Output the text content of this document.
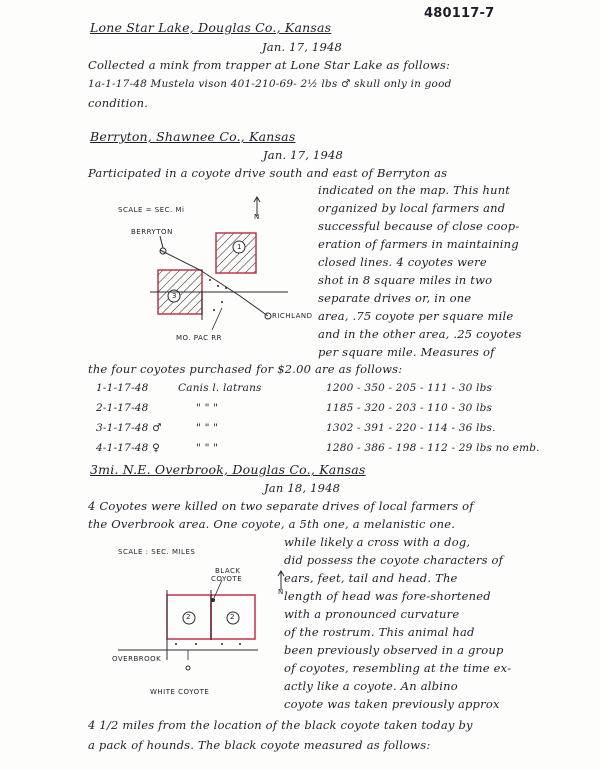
480117-7
Lone Star Lake, Douglas Co., Kansas
Jan. 17, 1948
Collected a mink from trapper at Lone Star Lake as follows:
1a-1-17-48 Mustela vison 401-210-69- 2½ lbs ♂ skull only in good
condition.
Berryton, Shawnee Co., Kansas
Jan. 17, 1948
Participated in a coyote drive south and east of Berryton as
indicated on the map. This hunt
organized by local farmers and
successful because of close coop-
eration of farmers in maintaining
closed lines. 4 coyotes were
shot in 8 square miles in two
separate drives or, in one
area, .75 coyote per square mile
and in the other area, .25 coyotes
per square mile. Measures of
the four coyotes purchased for $2.00 are as follows:
1-1-17-48	Canis l. latrans	1200 - 350 - 205 - 111 - 30 lbs
2-1-17-48	" " "	1185 - 320 - 203 - 110 - 30 lbs
3-1-17-48 ♂	" " "	1302 - 391 - 220 - 114 - 36 lbs.
4-1-17-48 ♀	" " "	1280 - 386 - 198 - 112 - 29 lbs no emb.
SCALE = SEC. Mi
N
BERRYTON
RICHLAND
MO. PAC RR
1
3
3mi. N.E. Overbrook, Douglas Co., Kansas
Jan 18, 1948
4 Coyotes were killed on two separate drives of local farmers of
the Overbrook area. One coyote, a 5th one, a melanistic one.
while likely a cross with a dog,
did possess the coyote characters of
ears, feet, tail and head. The
length of head was fore-shortened
with a pronounced curvature
of the rostrum. This animal had
been previously observed in a group
of coyotes, resembling at the time ex-
actly like a coyote. An albino
coyote was taken previously approx
4 1/2 miles from the location of the black coyote taken today by
a pack of hounds. The black coyote measured as follows:
SCALE : SEC. MILES
N
BLACK
COYOTE
OVERBROOK
WHITE COYOTE
2	2
